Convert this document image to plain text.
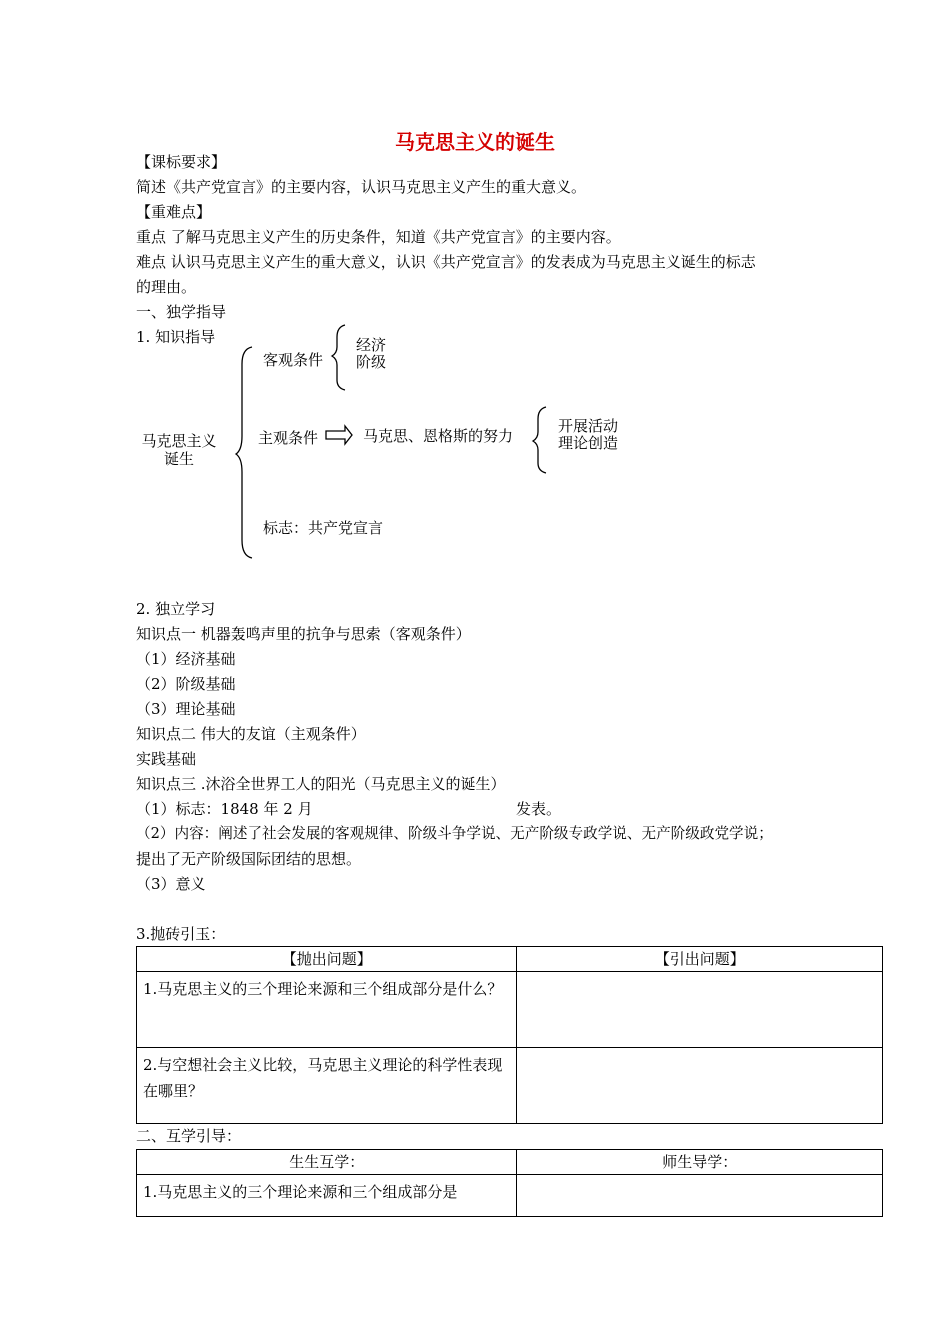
马克思主义的诞生
【课标要求】
简述《共产党宣言》的主要内容，认识马克思主义产生的重大意义。
【重难点】
重点 了解马克思主义产生的历史条件，知道《共产党宣言》的主要内容。
难点 认识马克思主义产生的重大意义，认识《共产党宣言》的发表成为马克思主义诞生的标志
的理由。
一、独学指导
1. 知识指导
马克思主义
诞生
客观条件
经济
阶级
主观条件	马克思、恩格斯的努力
开展活动
理论创造
标志：共产党宣言
2. 独立学习
知识点一 机器轰鸣声里的抗争与思索（客观条件）
（1）经济基础
（2）阶级基础
（3）理论基础
知识点二 伟大的友谊（主观条件）
实践基础
知识点三 .沐浴全世界工人的阳光（马克思主义的诞生）
（1）标志：1848 年 2 月	发表。
（2）内容：阐述了社会发展的客观规律、阶级斗争学说、无产阶级专政学说、无产阶级政党学说；
提出了无产阶级国际团结的思想。
（3）意义
3.抛砖引玉：
【抛出问题】	【引出问题】
1.马克思主义的三个理论来源和三个组成部分是什么？	
2.与空想社会主义比较，马克思主义理论的科学性表现在哪里？	
二、互学引导：
生生互学：	师生导学：
1.马克思主义的三个理论来源和三个组成部分是	
